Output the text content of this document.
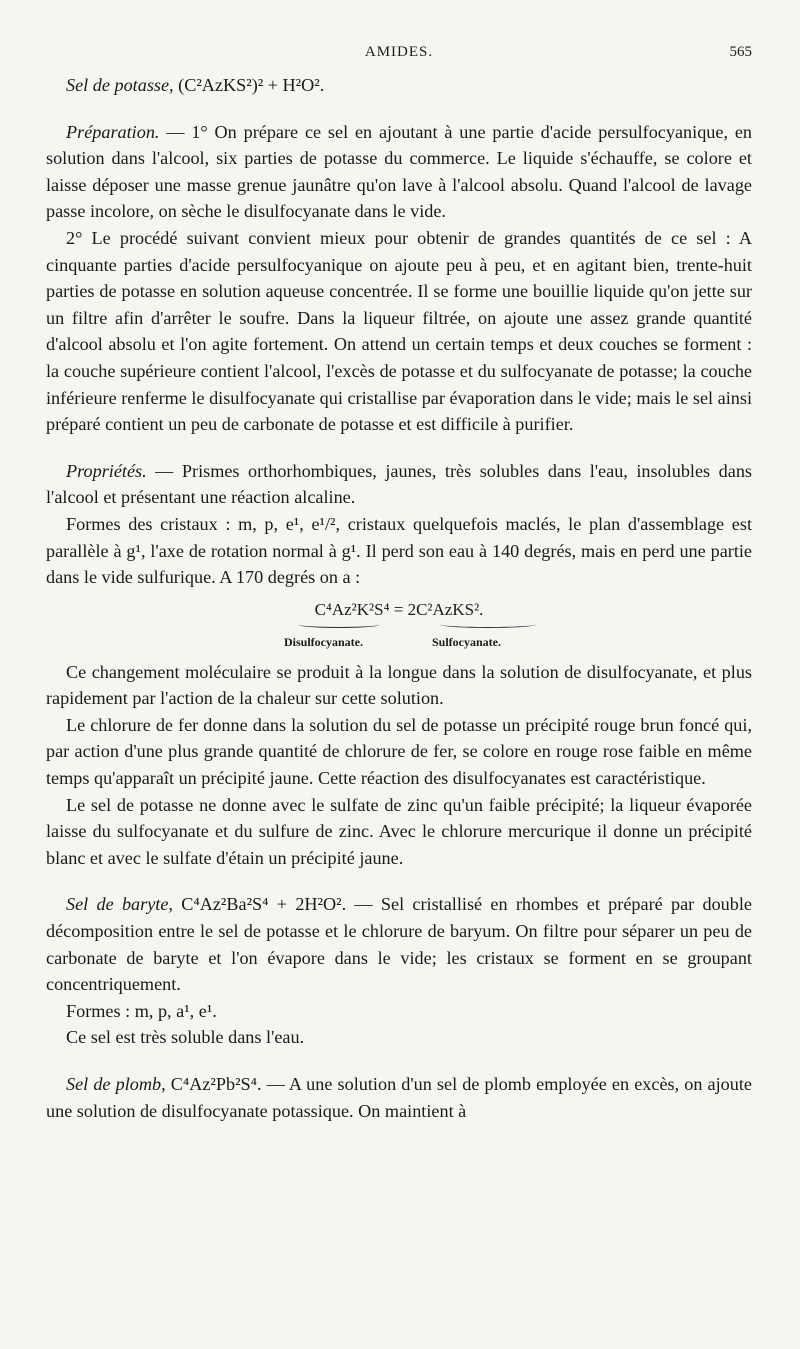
AMIDES.	565

Sel de potasse, (C²AzKS²)² + H²O².

Préparation. — 1° On prépare ce sel en ajoutant à une partie d'acide persulfocyanique, en solution dans l'alcool, six parties de potasse du commerce. Le liquide s'échauffe, se colore et laisse déposer une masse grenue jaunâtre qu'on lave à l'alcool absolu. Quand l'alcool de lavage passe incolore, on sèche le disulfocyanate dans le vide.

2° Le procédé suivant convient mieux pour obtenir de grandes quantités de ce sel : A cinquante parties d'acide persulfocyanique on ajoute peu à peu, et en agitant bien, trente-huit parties de potasse en solution aqueuse concentrée. Il se forme une bouillie liquide qu'on jette sur un filtre afin d'arrêter le soufre. Dans la liqueur filtrée, on ajoute une assez grande quantité d'alcool absolu et l'on agite fortement. On attend un certain temps et deux couches se forment : la couche supérieure contient l'alcool, l'excès de potasse et du sulfocyanate de potasse; la couche inférieure renferme le disulfocyanate qui cristallise par évaporation dans le vide; mais le sel ainsi préparé contient un peu de carbonate de potasse et est difficile à purifier.

Propriétés. — Prismes orthorhombiques, jaunes, très solubles dans l'eau, insolubles dans l'alcool et présentant une réaction alcaline.

Formes des cristaux : m, p, e¹, e¹/², cristaux quelquefois maclés, le plan d'assemblage est parallèle à g¹, l'axe de rotation normal à g¹. Il perd son eau à 140 degrés, mais en perd une partie dans le vide sulfurique. A 170 degrés on a :

C⁴Az²K²S⁴ = 2C²AzKS².
Disulfocyanate.	Sulfocyanate.

Ce changement moléculaire se produit à la longue dans la solution de disulfocyanate, et plus rapidement par l'action de la chaleur sur cette solution.

Le chlorure de fer donne dans la solution du sel de potasse un précipité rouge brun foncé qui, par action d'une plus grande quantité de chlorure de fer, se colore en rouge rose faible en même temps qu'apparaît un précipité jaune. Cette réaction des disulfocyanates est caractéristique.

Le sel de potasse ne donne avec le sulfate de zinc qu'un faible précipité; la liqueur évaporée laisse du sulfocyanate et du sulfure de zinc. Avec le chlorure mercurique il donne un précipité blanc et avec le sulfate d'étain un précipité jaune.

Sel de baryte, C⁴Az²Ba²S⁴ + 2H²O². — Sel cristallisé en rhombes et préparé par double décomposition entre le sel de potasse et le chlorure de baryum. On filtre pour séparer un peu de carbonate de baryte et l'on évapore dans le vide; les cristaux se forment en se groupant concentriquement.

Formes : m, p, a¹, e¹.

Ce sel est très soluble dans l'eau.

Sel de plomb, C⁴Az²Pb²S⁴. — A une solution d'un sel de plomb employée en excès, on ajoute une solution de disulfocyanate potassique. On maintient à
